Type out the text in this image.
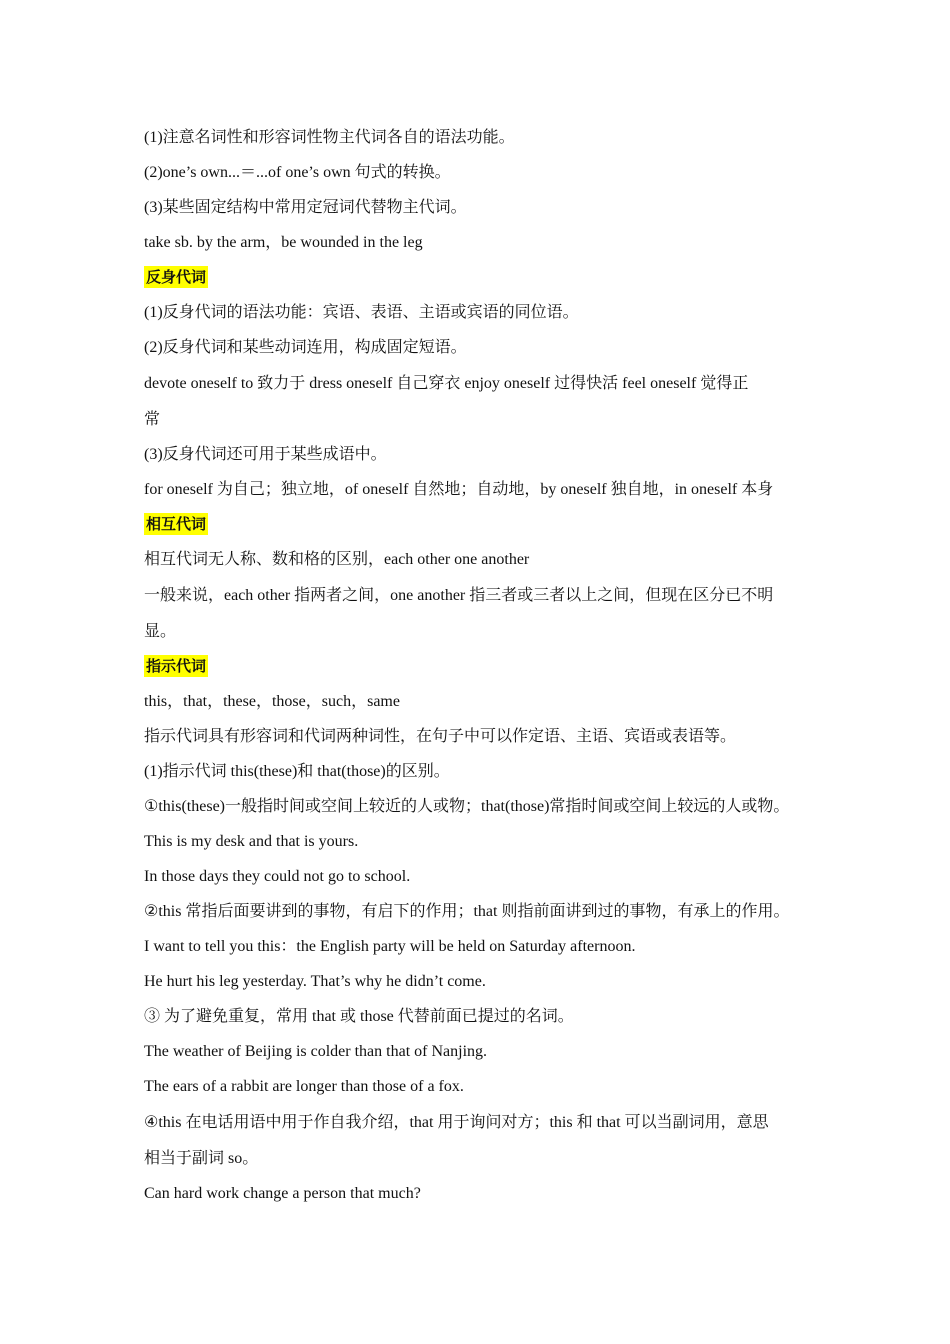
(1)注意名词性和形容词性物主代词各自的语法功能。
(2)one’s own...＝...of one’s own 句式的转换。
(3)某些固定结构中常用定冠词代替物主代词。
take sb. by the arm，be wounded in the leg
反身代词
(1)反身代词的语法功能：宾语、表语、主语或宾语的同位语。
(2)反身代词和某些动词连用，构成固定短语。
devote oneself to 致力于 dress oneself 自己穿衣 enjoy oneself 过得快活 feel oneself 觉得正
常
(3)反身代词还可用于某些成语中。
for oneself 为自己；独立地，of oneself 自然地；自动地，by oneself 独自地，in oneself 本身
相互代词
相互代词无人称、数和格的区别，each other one another
一般来说，each other 指两者之间，one another 指三者或三者以上之间，但现在区分已不明
显。
指示代词
this，that，these，those，such，same
指示代词具有形容词和代词两种词性，在句子中可以作定语、主语、宾语或表语等。
(1)指示代词 this(these)和 that(those)的区别。
①this(these)一般指时间或空间上较近的人或物；that(those)常指时间或空间上较远的人或物。
This is my desk and that is yours.
In those days they could not go to school.
②this 常指后面要讲到的事物，有启下的作用；that 则指前面讲到过的事物，有承上的作用。
I want to tell you this：the English party will be held on Saturday afternoon.
He hurt his leg yesterday. That’s why he didn’t come.
③ 为了避免重复，常用 that 或 those 代替前面已提过的名词。
The weather of Beijing is colder than that of Nanjing.
The ears of a rabbit are longer than those of a fox.
④this 在电话用语中用于作自我介绍，that 用于询问对方；this 和 that 可以当副词用，意思
相当于副词 so。
Can hard work change a person that much?
